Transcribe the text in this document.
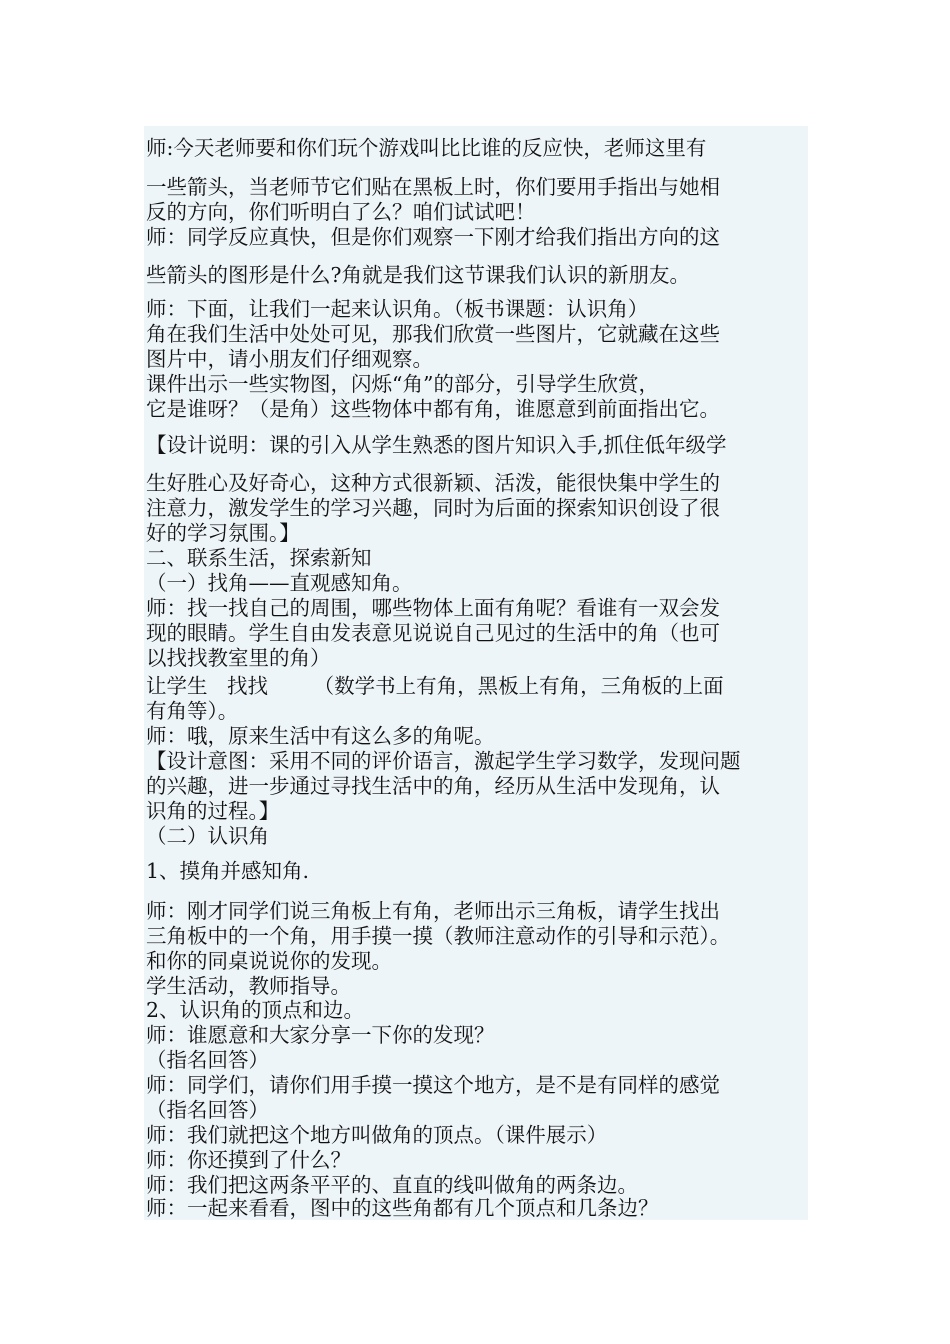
师:今天老师要和你们玩个游戏叫比比谁的反应快，老师这里有
一些箭头，当老师节它们贴在黑板上时，你们要用手指出与她相
反的方向，你们听明白了么？咱们试试吧！
师：同学反应真快，但是你们观察一下刚才给我们指出方向的这
些箭头的图形是什么?角就是我们这节课我们认识的新朋友。
师：下面，让我们一起来认识角。（板书课题：认识角）
角在我们生活中处处可见，那我们欣赏一些图片，它就藏在这些
图片中，请小朋友们仔细观察。
课件出示一些实物图，闪烁“角”的部分，引导学生欣赏，
它是谁呀？（是角）这些物体中都有角，谁愿意到前面指出它。
【设计说明：课的引入从学生熟悉的图片知识入手,抓住低年级学
生好胜心及好奇心，这种方式很新颖、活泼，能很快集中学生的
注意力，激发学生的学习兴趣，同时为后面的探索知识创设了很
好的学习氛围。】
二、联系生活，探索新知
（一）找角——直观感知角。
师：找一找自己的周围，哪些物体上面有角呢？看谁有一双会发
现的眼睛。学生自由发表意见说说自己见过的生活中的角（也可
以找找教室里的角）
让学生   找找       （数学书上有角，黑板上有角，三角板的上面
有角等）。
师：哦，原来生活中有这么多的角呢。
【设计意图：采用不同的评价语言，激起学生学习数学，发现问题
的兴趣，进一步通过寻找生活中的角，经历从生活中发现角，认
识角的过程。】
（二）认识角
1、摸角并感知角.
师：刚才同学们说三角板上有角，老师出示三角板，请学生找出
三角板中的一个角，用手摸一摸（教师注意动作的引导和示范）。
和你的同桌说说你的发现。
学生活动，教师指导。
2、认识角的顶点和边。
师：谁愿意和大家分享一下你的发现？
（指名回答）
师：同学们，请你们用手摸一摸这个地方，是不是有同样的感觉
（指名回答）
师：我们就把这个地方叫做角的顶点。（课件展示）
师：你还摸到了什么？
师：我们把这两条平平的、直直的线叫做角的两条边。
师：一起来看看，图中的这些角都有几个顶点和几条边？
